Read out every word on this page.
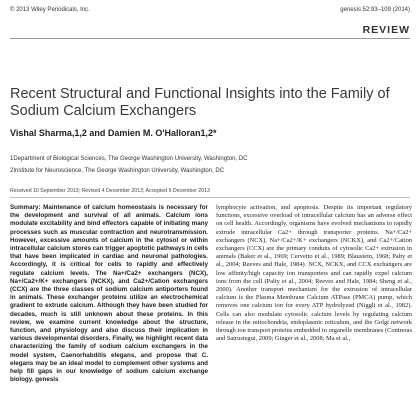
© 2013 Wiley Periodicals, Inc.	genesis 52:93–109 (2014)
REVIEW
Recent Structural and Functional Insights into the Family of Sodium Calcium Exchangers
Vishal Sharma,1,2 and Damien M. O'Halloran1,2*
1Department of Biological Sciences, The George Washington University, Washington, DC
2Institute for Neuroscience, The George Washington University, Washington, DC
Received 10 September 2013; Revised 4 December 2013; Accepted 6 December 2013

Summary: Maintenance of calcium homeostasis is necessary for the development and survival of all animals. Calcium ions modulate excitability and bind effectors capable of initiating many processes such as muscular contraction and neurotransmission. However, excessive amounts of calcium in the cytosol or within intracellular calcium stores can trigger apoptotic pathways in cells that have been implicated in cardiac and neuronal pathologies. Accordingly, it is critical for cells to rapidly and effectively regulate calcium levels. The Na+/Ca2+ exchangers (NCX), Na+/Ca2+/K+ exchangers (NCKX), and Ca2+/Cation exchangers (CCX) are the three classes of sodium calcium antiporters found in animals. These exchanger proteins utilize an electrochemical gradient to extrude calcium. Although they have been studied for decades, much is still unknown about these proteins. In this review, we examine current knowledge about the structure, function, and physiology and also discuss their implication in various developmental disorders. Finally, we highlight recent data characterizing the family of sodium calcium exchangers in the model system, Caenorhabditis elegans, and propose that C. elegans may be an ideal model to complement other systems and help fill gaps in our knowledge of sodium calcium exchange biology. genesis

lymphocyte activation, and apoptosis. Despite its important regulatory functions, excessive overload of intracellular calcium has an adverse effect on cell health. Accordingly, organisms have evolved mechanisms to rapidly extrude intracellular Ca2+ through transporter proteins. Na+/Ca2+ exchangers (NCX), Na+/Ca2+/K+ exchangers (NCKX), and Ca2+/Cation exchangers (CCX) are the primary conduits of cytosolic Ca2+ extrusion in animals (Baker et al., 1969; Cervetto et al., 1989; Blaustein, 1968; Palty et al., 2004; Reeves and Hale, 1984). NCX, NCKX, and CCX exchangers are low affinity/high capacity ion transporters and can rapidly expel calcium ions from the cell (Palty et al., 2004; Reeves and Hale, 1984; Sheng et al., 2000). Another transport mechanism for the extrusion of intracellular calcium is the Plasma Membrane Calcium ATPase (PMCA) pump, which removes one calcium ion for every ATP hydrolyzed (Niggli et al., 1982). Cells can also modulate cytosolic calcium levels by regulating calcium release in the mitochondria, endoplasmic reticulum, and the Golgi network through ion transport proteins embedded in organelle membranes (Contreras and Satrustegui, 2009; Ginger et al., 2008; Ma et al.,
